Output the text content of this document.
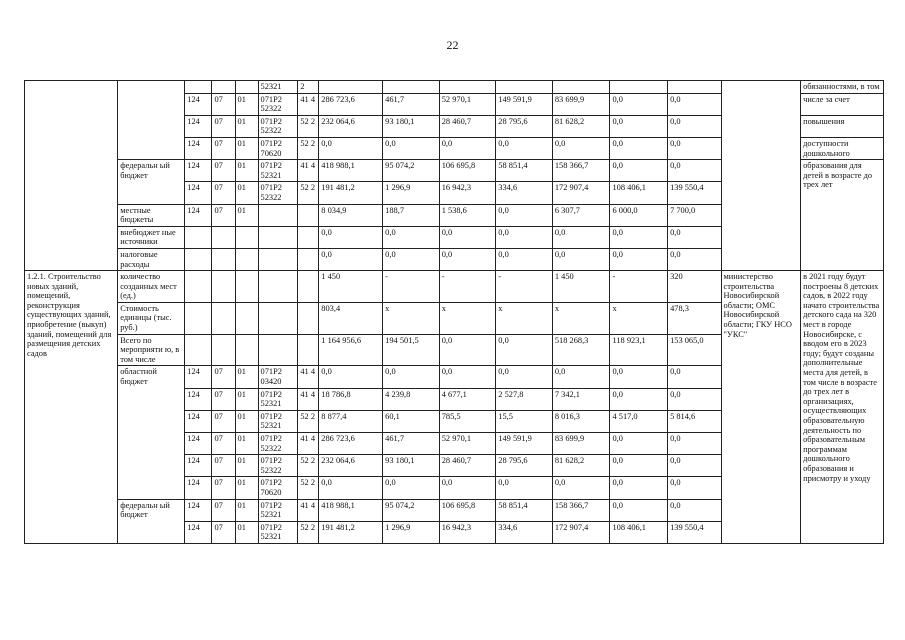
22
					52321	2									обязанностями, в том
		124	07	01	071P2 52322	41 4	286 723,6	461,7	52 970,1	149 591,9	83 699,9	0,0	0,0		числе за счет
		124	07	01	071P2 52322	52 2	232 064,6	93 180,1	28 460,7	28 795,6	81 628,2	0,0	0,0		повышения
		124	07	01	071P2 70620	52 2	0,0	0,0	0,0	0,0	0,0	0,0	0,0		доступности дошкольного
	федеральн ый бюджет	124	07	01	071P2 52321	41 4	418 988,1	95 074,2	106 695,8	58 851,4	158 366,7	0,0	0,0		образования для детей в возрасте до трех лет
		124	07	01	071P2 52322	52 2	191 481,2	1 296,9	16 942,3	334,6	172 907,4	108 406,1	139 550,4		
	местные бюджеты	124	07	01			8 034,9	188,7	1 538,6	0,0	6 307,7	6 000,0	7 700,0		
	внебюджет ные источники						0,0	0,0	0,0	0,0	0,0	0,0	0,0		
	налоговые расходы						0,0	0,0	0,0	0,0	0,0	0,0	0,0		
1.2.1. Строительство новых зданий, помещений, реконструкция существующих зданий, приобретение (выкуп) зданий, помещений для размещения детских садов	количество созданных мест (ед.)						1 450	-	-	-	1 450	-	320	министерство строительства Новосибирской области; ОМС Новосибирской области; ГКУ НСО "УКС"	в 2021 году будут построены 8 детских садов, в 2022 году начато строительства детского сада на 320 мест в городе Новосибирске, с вводом его в 2023 году; будут созданы дополнительные места для детей, в том числе в возрасте до трех лет в организациях, осуществляющих образовательную деятельность по образовательным программам дошкольного образования и присмотру и уходу
	Стоимость единицы (тыс. руб.)						803,4	x	x	x	x	x	478,3		
	Всего по мероприяти ю, в том числе						1 164 956,6	194 501,5	0,0	0,0	518 268,3	118 923,1	153 065,0		
	областной бюджет	124	07	01	071P2 03420	41 4	0,0	0,0	0,0	0,0	0,0	0,0	0,0		
		124	07	01	071P2 52321	41 4	18 786,8	4 239,8	4 677,1	2 527,8	7 342,1	0,0	0,0		
		124	07	01	071P2 52321	52 2	8 877,4	60,1	785,5	15,5	8 016,3	4 517,0	5 814,6		
		124	07	01	071P2 52322	41 4	286 723,6	461,7	52 970,1	149 591,9	83 699,9	0,0	0,0		
		124	07	01	071P2 52322	52 2	232 064,6	93 180,1	28 460,7	28 795,6	81 628,2	0,0	0,0		
		124	07	01	071P2 70620	52 2	0,0	0,0	0,0	0,0	0,0	0,0	0,0		
	федеральн ый бюджет	124	07	01	071P2 52321	41 4	418 988,1	95 074,2	106 695,8	58 851,4	158 366,7	0,0	0,0		
		124	07	01	071P2 52321	52 2	191 481,2	1 296,9	16 942,3	334,6	172 907,4	108 406,1	139 550,4		
